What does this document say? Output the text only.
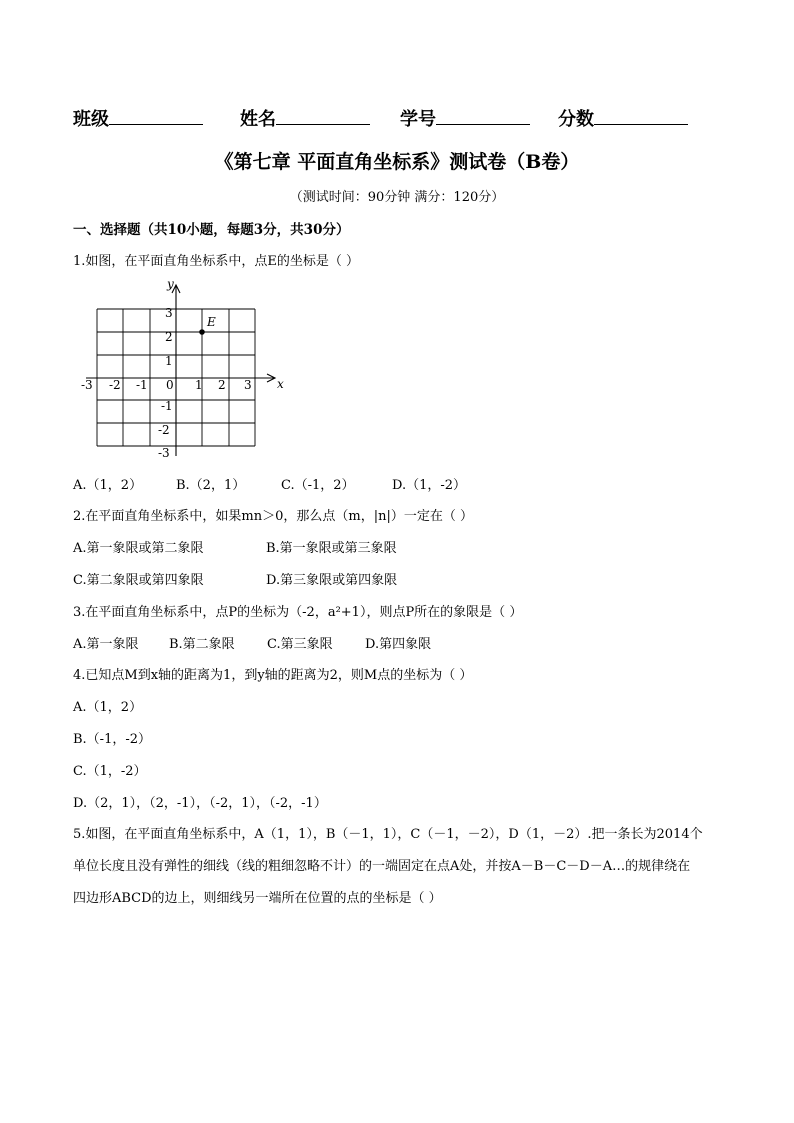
班级	姓名	学号	分数
《第七章 平面直角坐标系》测试卷（B卷）
（测试时间：90分钟 满分：120分）
一、选择题（共10小题，每题3分，共30分）
1.如图，在平面直角坐标系中，点E的坐标是（ ）
E
x
y
-3 -2 -1 0 1 2 3
3
2
1
-1
-2
-3
A.（1，2）	B.（2，1）	C.（-1，2）	D.（1，-2）
2.在平面直角坐标系中，如果mn＞0，那么点（m，|n|）一定在（ ）
A.第一象限或第二象限	B.第一象限或第三象限
C.第二象限或第四象限	D.第三象限或第四象限
3.在平面直角坐标系中，点P的坐标为（-2，a²+1），则点P所在的象限是（ ）
A.第一象限 B.第二象限 C.第三象限 D.第四象限
4.已知点M到x轴的距离为1，到y轴的距离为2，则M点的坐标为（ ）
A.（1，2）
B.（-1，-2）
C.（1，-2）
D.（2，1），（2，-1），（-2，1），（-2，-1）
5.如图，在平面直角坐标系中，A（1，1），B（－1，1），C（－1，－2），D（1，－2）.把一条长为2014个
单位长度且没有弹性的细线（线的粗细忽略不计）的一端固定在点A处，并按A－B－C－D－A…的规律绕在
四边形ABCD的边上，则细线另一端所在位置的点的坐标是（ ）
